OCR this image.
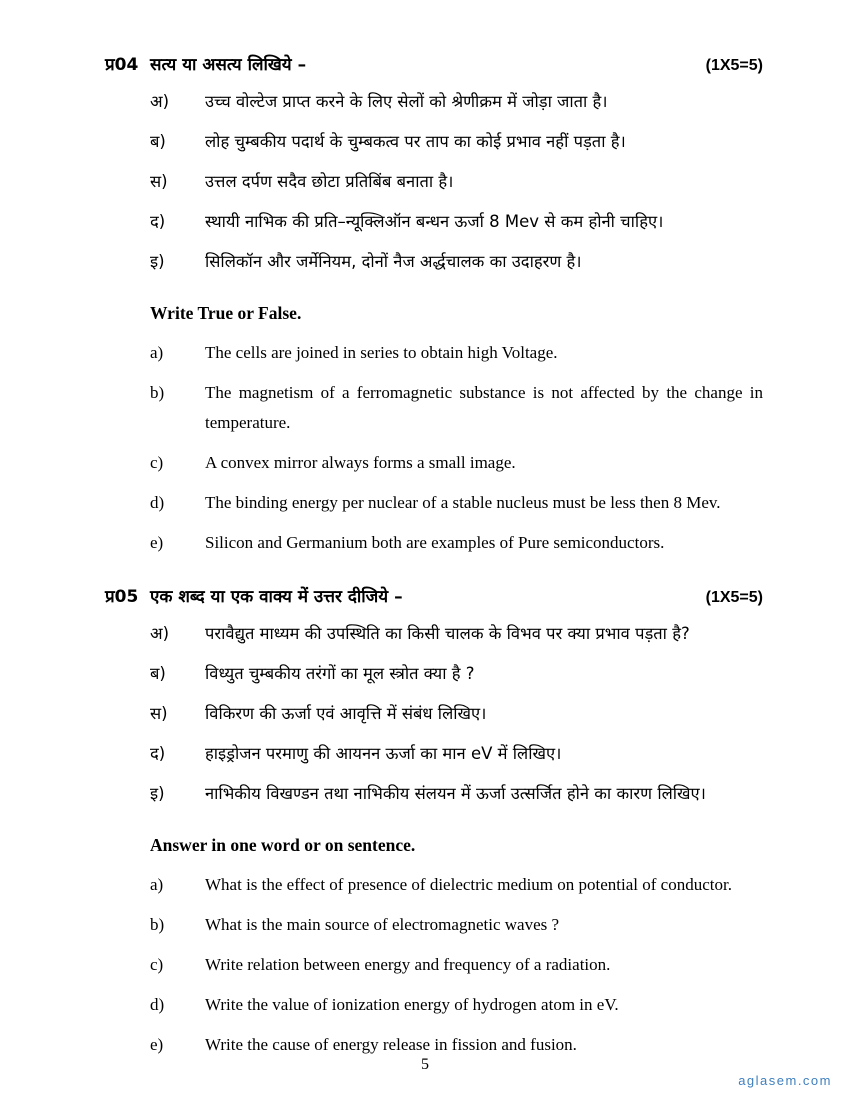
प्र04 सत्य या असत्य लिखिये –	(1X5=5)
अ)	उच्च वोल्टेज प्राप्त करने के लिए सेलों को श्रेणीक्रम में जोड़ा जाता है।
ब)	लोह चुम्बकीय पदार्थ के चुम्बकत्व पर ताप का कोई प्रभाव नहीं पड़ता है।
स)	उत्तल दर्पण सदैव छोटा प्रतिबिंब बनाता है।
द)	स्थायी नाभिक की प्रति–न्यूक्लिऑन बन्धन ऊर्जा 8 Mev से कम होनी चाहिए।
इ)	सिलिकॉन और जर्मेनियम, दोनों नैज अर्द्धचालक का उदाहरण है।
Write True or False.
a)	The cells are joined in series to obtain high Voltage.
b)	The magnetism of a ferromagnetic substance is not affected by the change in temperature.
c)	A convex mirror always forms a small image.
d)	The binding energy per nuclear of a stable nucleus must be less then 8 Mev.
e)	Silicon and Germanium both are examples of Pure semiconductors.
प्र05 एक शब्द या एक वाक्य में उत्तर दीजिये –	(1X5=5)
अ)	परावैद्युत माध्यम की उपस्थिति का किसी चालक के विभव पर क्या प्रभाव पड़ता है?
ब)	विध्युत चुम्बकीय तरंगों का मूल स्त्रोत क्या है ?
स)	विकिरण की ऊर्जा एवं आवृत्ति में संबंध लिखिए।
द)	हाइड्रोजन परमाणु की आयनन ऊर्जा का मान eV में लिखिए।
इ)	नाभिकीय विखण्डन तथा नाभिकीय संलयन में ऊर्जा उत्सर्जित होने का कारण लिखिए।
Answer in one word or on sentence.
a)	What is the effect of presence of dielectric medium on potential of conductor.
b)	What is the main source of electromagnetic waves ?
c)	Write relation between energy and frequency of a radiation.
d)	Write the value of ionization energy of hydrogen atom in eV.
e)	Write the cause of energy release in fission and fusion.
5
aglasem.com
